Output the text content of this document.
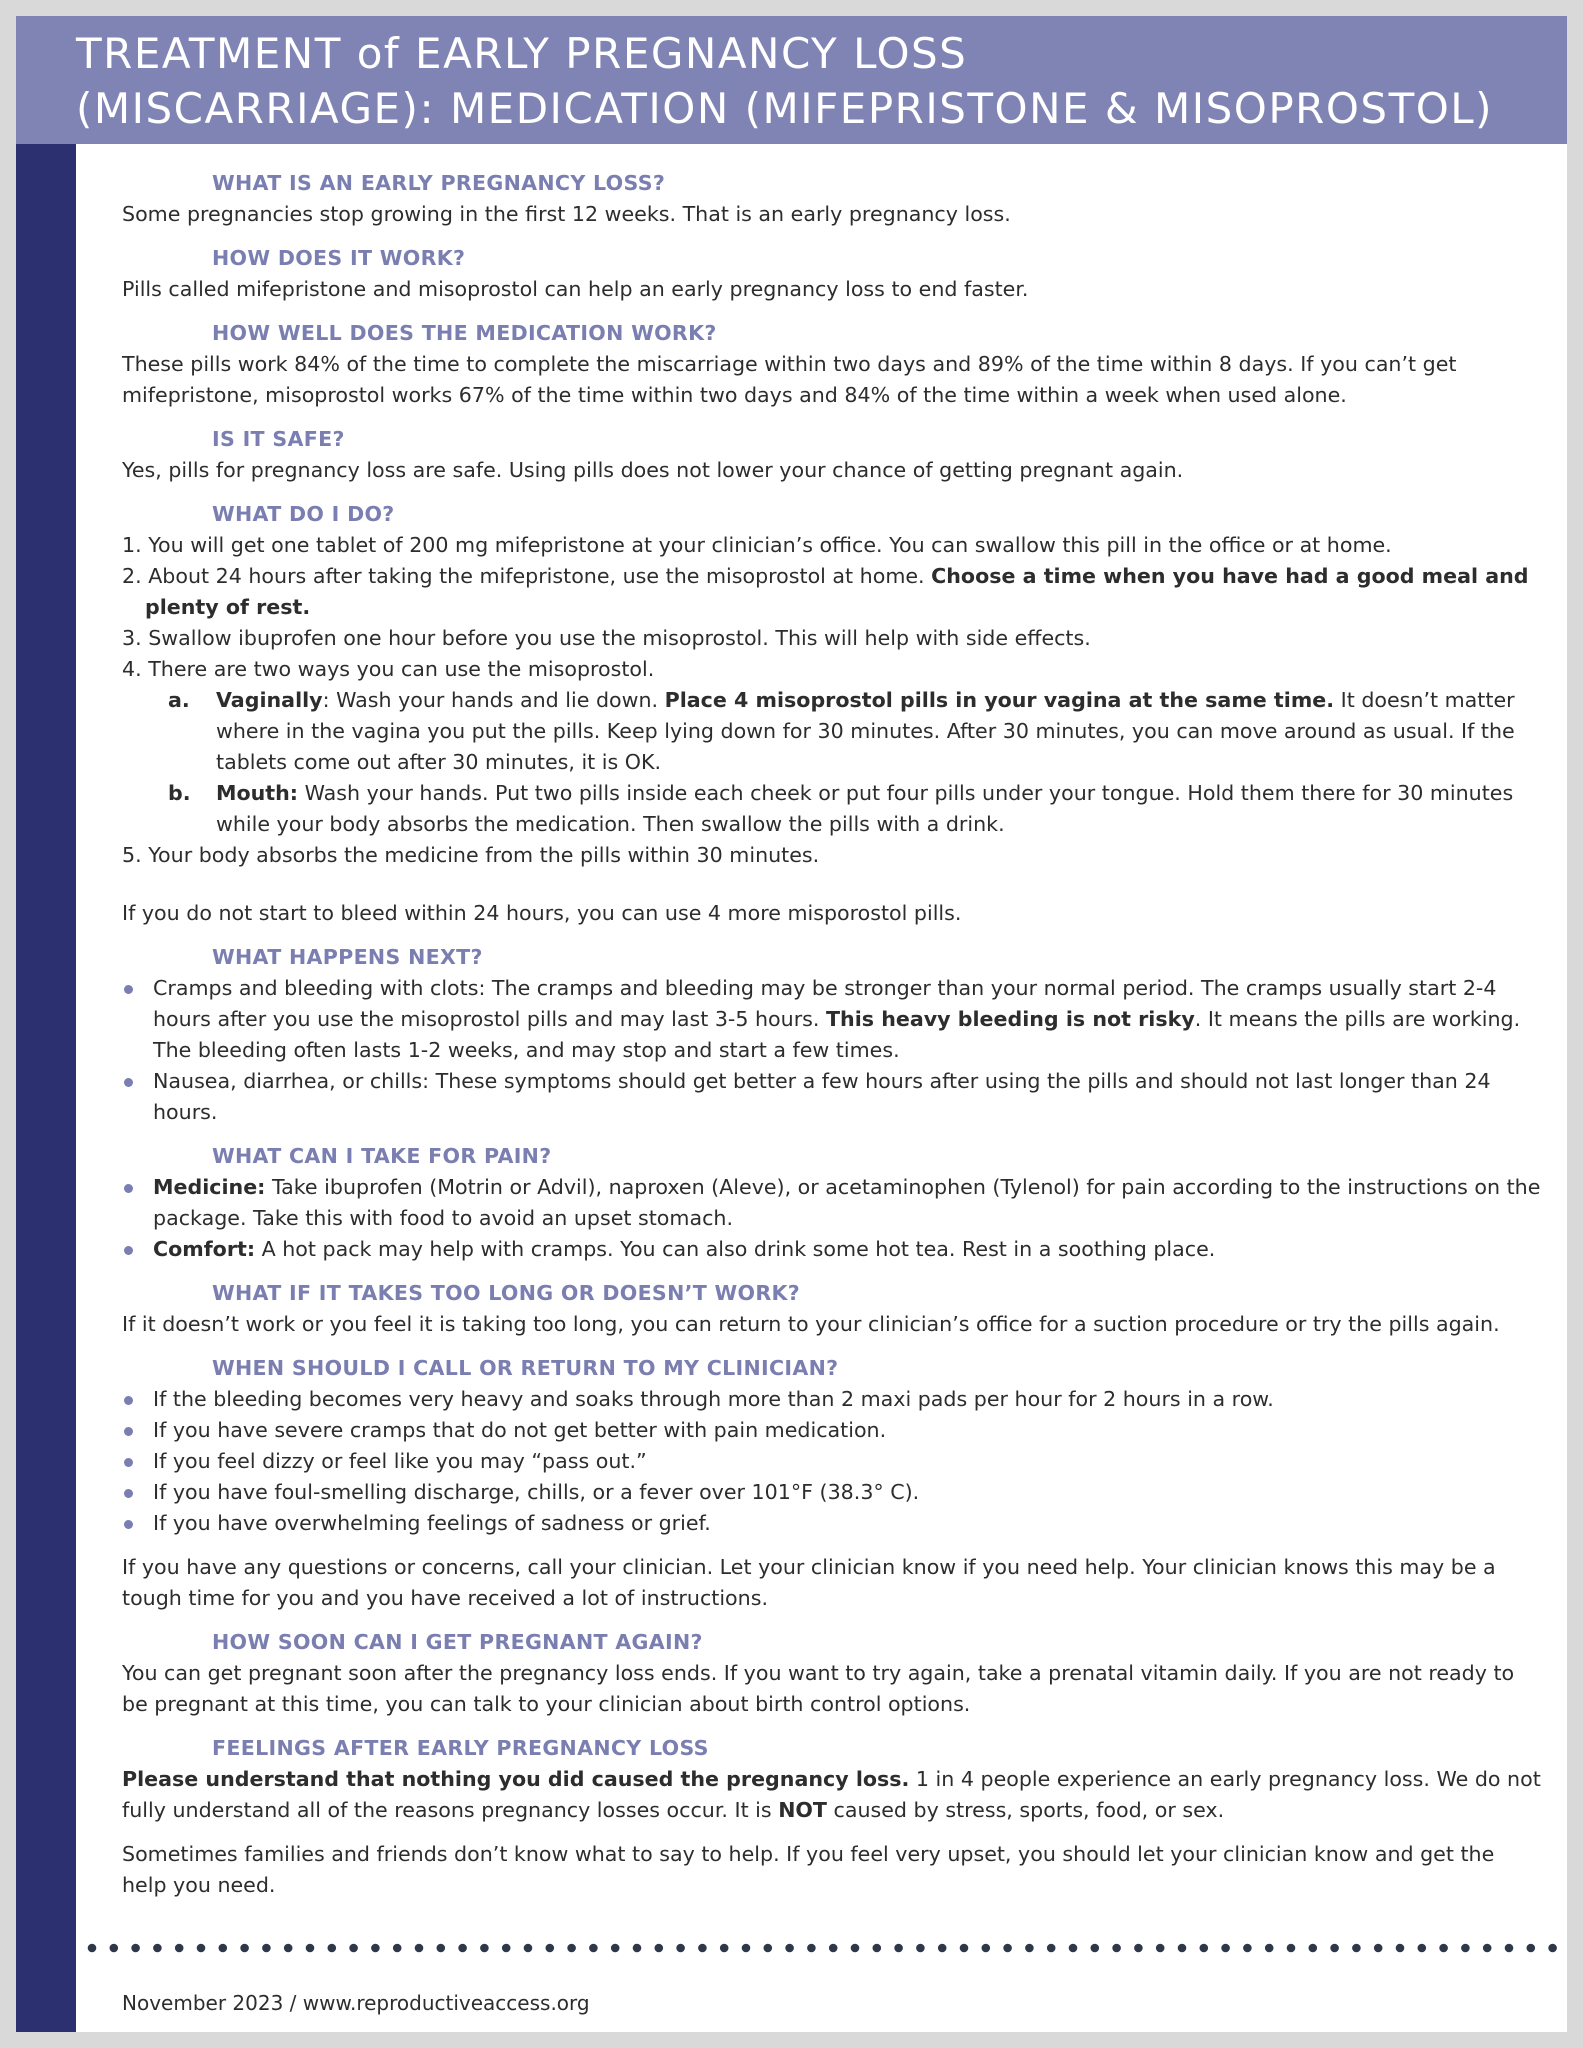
TREATMENT of EARLY PREGNANCY LOSS
(MISCARRIAGE): MEDICATION (MIFEPRISTONE & MISOPROSTOL)
WHAT IS AN EARLY PREGNANCY LOSS?
Some pregnancies stop growing in the first 12 weeks. That is an early pregnancy loss.
HOW DOES IT WORK?
Pills called mifepristone and misoprostol can help an early pregnancy loss to end faster.
HOW WELL DOES THE MEDICATION WORK?
These pills work 84% of the time to complete the miscarriage within two days and 89% of the time within 8 days. If you can’t get mifepristone, misoprostol works 67% of the time within two days and 84% of the time within a week when used alone.
IS IT SAFE?
Yes, pills for pregnancy loss are safe. Using pills does not lower your chance of getting pregnant again.
WHAT DO I DO?
1. You will get one tablet of 200 mg mifepristone at your clinician’s office. You can swallow this pill in the office or at home.
2. About 24 hours after taking the mifepristone, use the misoprostol at home. Choose a time when you have had a good meal and plenty of rest.
3. Swallow ibuprofen one hour before you use the misoprostol. This will help with side effects.
4. There are two ways you can use the misoprostol.
a. Vaginally: Wash your hands and lie down. Place 4 misoprostol pills in your vagina at the same time. It doesn’t matter where in the vagina you put the pills. Keep lying down for 30 minutes. After 30 minutes, you can move around as usual. If the tablets come out after 30 minutes, it is OK.
b. Mouth: Wash your hands. Put two pills inside each cheek or put four pills under your tongue. Hold them there for 30 minutes while your body absorbs the medication. Then swallow the pills with a drink.
5. Your body absorbs the medicine from the pills within 30 minutes.
If you do not start to bleed within 24 hours, you can use 4 more misporostol pills.
WHAT HAPPENS NEXT?
Cramps and bleeding with clots: The cramps and bleeding may be stronger than your normal period. The cramps usually start 2-4 hours after you use the misoprostol pills and may last 3-5 hours. This heavy bleeding is not risky. It means the pills are working. The bleeding often lasts 1-2 weeks, and may stop and start a few times.
Nausea, diarrhea, or chills: These symptoms should get better a few hours after using the pills and should not last longer than 24 hours.
WHAT CAN I TAKE FOR PAIN?
Medicine: Take ibuprofen (Motrin or Advil), naproxen (Aleve), or acetaminophen (Tylenol) for pain according to the instructions on the package. Take this with food to avoid an upset stomach.
Comfort: A hot pack may help with cramps. You can also drink some hot tea. Rest in a soothing place.
WHAT IF IT TAKES TOO LONG OR DOESN’T WORK?
If it doesn’t work or you feel it is taking too long, you can return to your clinician’s office for a suction procedure or try the pills again.
WHEN SHOULD I CALL OR RETURN TO MY CLINICIAN?
If the bleeding becomes very heavy and soaks through more than 2 maxi pads per hour for 2 hours in a row.
If you have severe cramps that do not get better with pain medication.
If you feel dizzy or feel like you may “pass out.”
If you have foul-smelling discharge, chills, or a fever over 101°F (38.3° C).
If you have overwhelming feelings of sadness or grief.
If you have any questions or concerns, call your clinician. Let your clinician know if you need help. Your clinician knows this may be a tough time for you and you have received a lot of instructions.
HOW SOON CAN I GET PREGNANT AGAIN?
You can get pregnant soon after the pregnancy loss ends. If you want to try again, take a prenatal vitamin daily. If you are not ready to be pregnant at this time, you can talk to your clinician about birth control options.
FEELINGS AFTER EARLY PREGNANCY LOSS
Please understand that nothing you did caused the pregnancy loss. 1 in 4 people experience an early pregnancy loss. We do not fully understand all of the reasons pregnancy losses occur. It is NOT caused by stress, sports, food, or sex.
Sometimes families and friends don’t know what to say to help. If you feel very upset, you should let your clinician know and get the help you need.
November 2023 / www.reproductiveaccess.org
